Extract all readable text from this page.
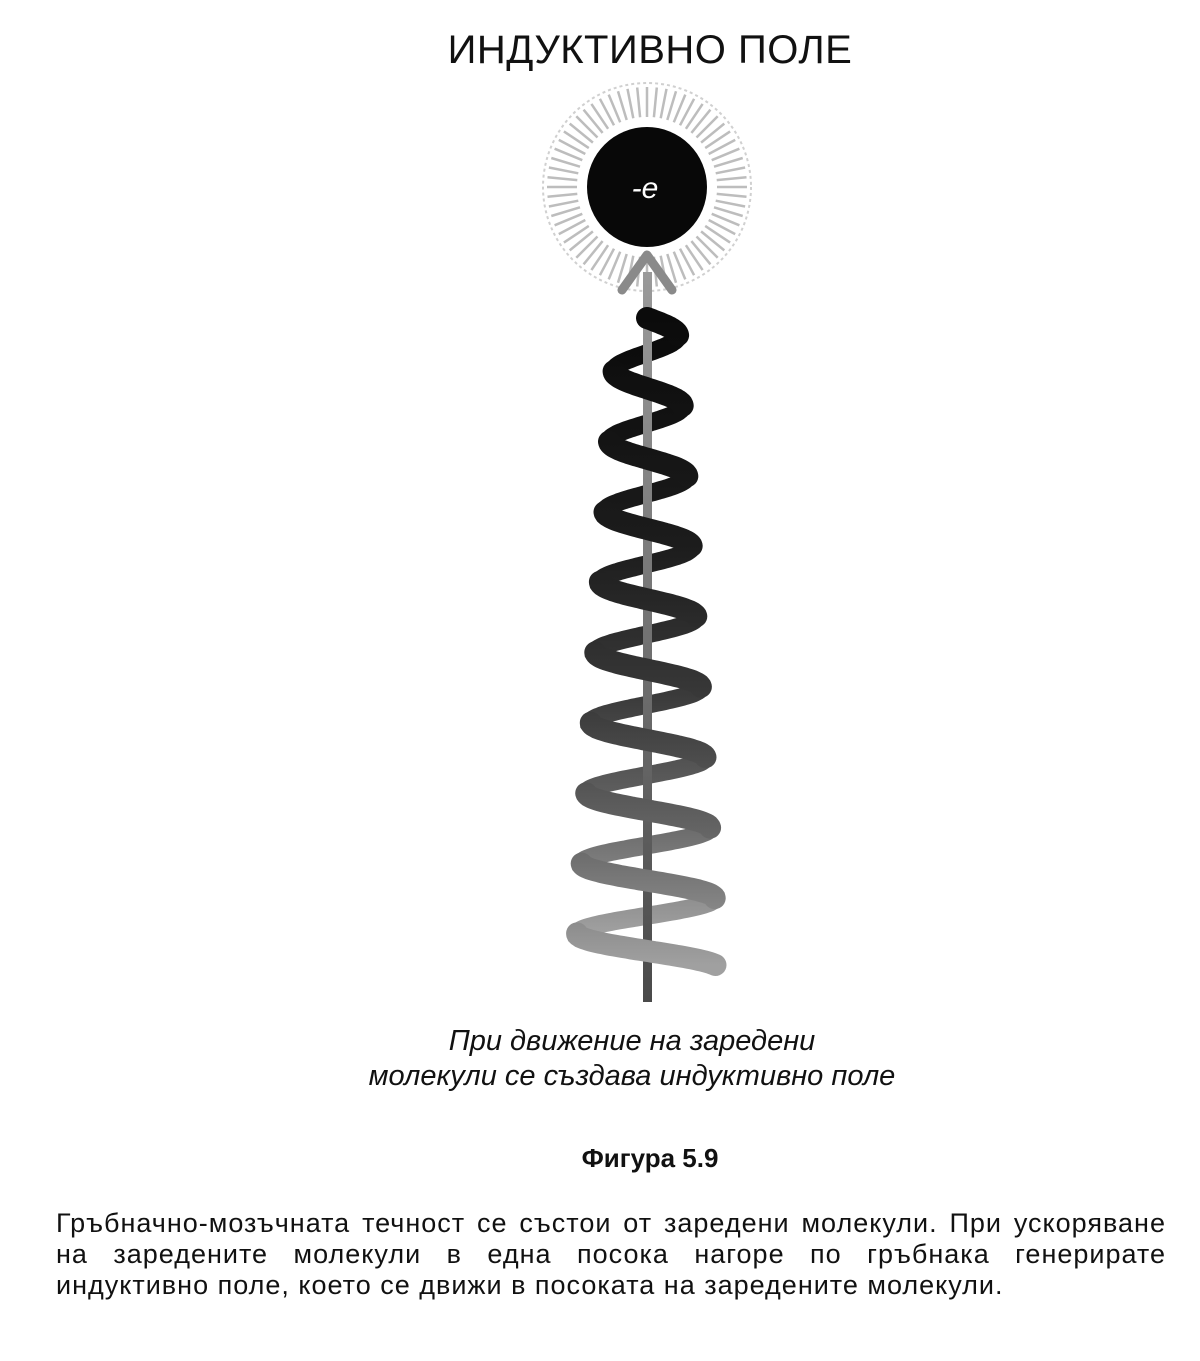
ИНДУКТИВНО ПОЛЕ
-e
При движение на заредени
молекули се създава индуктивно поле
Фигура 5.9
Гръбначно-мозъчната течност се състои от заредени молекули. При ускоряване на заредените молекули в една посока нагоре по гръбнака генерирате индуктивно поле, което се движи в посоката на заредените молекули.
